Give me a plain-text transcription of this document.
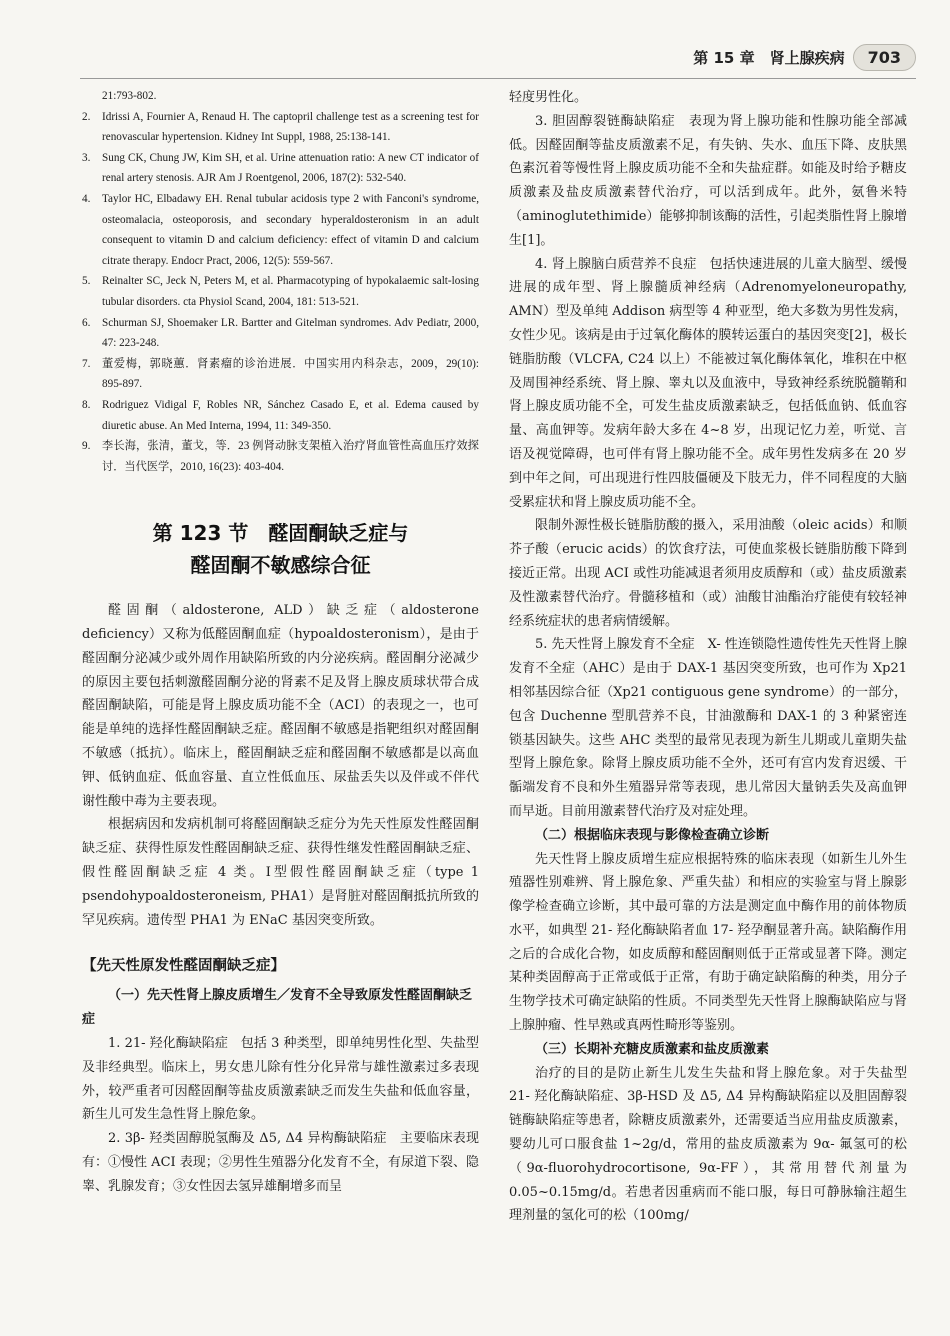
第 15 章　肾上腺疾病	703
21:793-802.
2.	Idrissi A, Fournier A, Renaud H. The captopril challenge test as a screening test for renovascular hypertension. Kidney Int Suppl, 1988, 25:138-141.
3.	Sung CK, Chung JW, Kim SH, et al. Urine attenuation ratio: A new CT indicator of renal artery stenosis. AJR Am J Roentgenol, 2006, 187(2): 532-540.
4.	Taylor HC, Elbadawy EH. Renal tubular acidosis type 2 with Fanconi's syndrome, osteomalacia, osteoporosis, and secondary hyperaldosteronism in an adult consequent to vitamin D and calcium deficiency: effect of vitamin D and calcium citrate therapy. Endocr Pract, 2006, 12(5): 559-567.
5.	Reinalter SC, Jeck N, Peters M, et al. Pharmacotyping of hypokalaemic salt-losing tubular disorders. cta Physiol Scand, 2004, 181: 513-521.
6.	Schurman SJ, Shoemaker LR. Bartter and Gitelman syndromes. Adv Pediatr, 2000, 47: 223-248.
7.	董爱梅，郭晓蕙．肾素瘤的诊治进展．中国实用内科杂志，2009，29(10): 895-897.
8.	Rodriguez Vidigal F, Robles NR, Sánchez Casado E, et al. Edema caused by diuretic abuse. An Med Interna, 1994, 11: 349-350.
9.	李长海，张清，董戈，等．23 例肾动脉支架植入治疗肾血管性高血压疗效探讨．当代医学，2010, 16(23): 403-404.
第 123 节　醛固酮缺乏症与
醛固酮不敏感综合征

醛固酮（aldosterone, ALD）缺乏症（aldosterone deficiency）又称为低醛固酮血症（hypoaldosteronism），是由于醛固酮分泌减少或外周作用缺陷所致的内分泌疾病。醛固酮分泌减少的原因主要包括刺激醛固酮分泌的肾素不足及肾上腺皮质球状带合成醛固酮缺陷，可能是肾上腺皮质功能不全（ACI）的表现之一，也可能是单纯的选择性醛固酮缺乏症。醛固酮不敏感是指靶组织对醛固酮不敏感（抵抗）。临床上，醛固酮缺乏症和醛固酮不敏感都是以高血钾、低钠血症、低血容量、直立性低血压、尿盐丢失以及伴或不伴代谢性酸中毒为主要表现。

根据病因和发病机制可将醛固酮缺乏症分为先天性原发性醛固酮缺乏症、获得性原发性醛固酮缺乏症、获得性继发性醛固酮缺乏症、假性醛固酮缺乏症 4 类。Ⅰ型假性醛固酮缺乏症（type 1 psendohypoaldosteroneism, PHA1）是肾脏对醛固酮抵抗所致的罕见疾病。遗传型 PHA1 为 ENaC 基因突变所致。

【先天性原发性醛固酮缺乏症】

（一）先天性肾上腺皮质增生／发育不全导致原发性醛固酮缺乏症

1. 21- 羟化酶缺陷症　包括 3 种类型，即单纯男性化型、失盐型及非经典型。临床上，男女患儿除有性分化异常与雄性激素过多表现外，较严重者可因醛固酮等盐皮质激素缺乏而发生失盐和低血容量，新生儿可发生急性肾上腺危象。

2. 3β- 羟类固醇脱氢酶及 Δ5, Δ4 异构酶缺陷症　主要临床表现有：①慢性 ACI 表现；②男性生殖器分化发育不全，有尿道下裂、隐睾、乳腺发育；③女性因去氢异雄酮增多而呈

轻度男性化。

3. 胆固醇裂链酶缺陷症　表现为肾上腺功能和性腺功能全部减低。因醛固酮等盐皮质激素不足，有失钠、失水、血压下降、皮肤黑色素沉着等慢性肾上腺皮质功能不全和失盐症群。如能及时给予糖皮质激素及盐皮质激素替代治疗，可以活到成年。此外，氨鲁米特（aminoglutethimide）能够抑制该酶的活性，引起类脂性肾上腺增生[1]。

4. 肾上腺脑白质营养不良症　包括快速进展的儿童大脑型、缓慢进展的成年型、肾上腺髓质神经病（Adrenomyeloneuropathy, AMN）型及单纯 Addison 病型等 4 种亚型，绝大多数为男性发病，女性少见。该病是由于过氧化酶体的膜转运蛋白的基因突变[2]，极长链脂肪酸（VLCFA, C24 以上）不能被过氧化酶体氧化，堆积在中枢及周围神经系统、肾上腺、睾丸以及血液中，导致神经系统脱髓鞘和肾上腺皮质功能不全，可发生盐皮质激素缺乏，包括低血钠、低血容量、高血钾等。发病年龄大多在 4~8 岁，出现记忆力差，听觉、言语及视觉障碍，也可伴有肾上腺功能不全。成年男性发病多在 20 岁到中年之间，可出现进行性四肢僵硬及下肢无力，伴不同程度的大脑受累症状和肾上腺皮质功能不全。

限制外源性极长链脂肪酸的摄入，采用油酸（oleic acids）和顺芥子酸（erucic acids）的饮食疗法，可使血浆极长链脂肪酸下降到接近正常。出现 ACI 或性功能减退者须用皮质醇和（或）盐皮质激素及性激素替代治疗。骨髓移植和（或）油酸甘油酯治疗能使有较轻神经系统症状的患者病情缓解。

5. 先天性肾上腺发育不全症　X- 性连锁隐性遗传性先天性肾上腺发育不全症（AHC）是由于 DAX-1 基因突变所致，也可作为 Xp21 相邻基因综合征（Xp21 contiguous gene syndrome）的一部分，包含 Duchenne 型肌营养不良，甘油激酶和 DAX-1 的 3 种紧密连锁基因缺失。这些 AHC 类型的最常见表现为新生儿期或儿童期失盐型肾上腺危象。除肾上腺皮质功能不全外，还可有宫内发育迟缓、干骺端发育不良和外生殖器异常等表现，患儿常因大量钠丢失及高血钾而早逝。目前用激素替代治疗及对症处理。

（二）根据临床表现与影像检查确立诊断

先天性肾上腺皮质增生症应根据特殊的临床表现（如新生儿外生殖器性别难辨、肾上腺危象、严重失盐）和相应的实验室与肾上腺影像学检查确立诊断，其中最可靠的方法是测定血中酶作用的前体物质水平，如典型 21- 羟化酶缺陷者血 17- 羟孕酮显著升高。缺陷酶作用之后的合成化合物，如皮质醇和醛固酮则低于正常或显著下降。测定某种类固醇高于正常或低于正常，有助于确定缺陷酶的种类，用分子生物学技术可确定缺陷的性质。不同类型先天性肾上腺酶缺陷应与肾上腺肿瘤、性早熟或真两性畸形等鉴别。

（三）长期补充糖皮质激素和盐皮质激素

治疗的目的是防止新生儿发生失盐和肾上腺危象。对于失盐型 21- 羟化酶缺陷症、3β-HSD 及 Δ5, Δ4 异构酶缺陷症以及胆固醇裂链酶缺陷症等患者，除糖皮质激素外，还需要适当应用盐皮质激素，婴幼儿可口服食盐 1~2g/d，常用的盐皮质激素为 9α- 氟氢可的松（9α-fluorohydrocortisone, 9α-FF），其常用替代剂量为 0.05~0.15mg/d。若患者因重病而不能口服，每日可静脉输注超生理剂量的氢化可的松（100mg/
